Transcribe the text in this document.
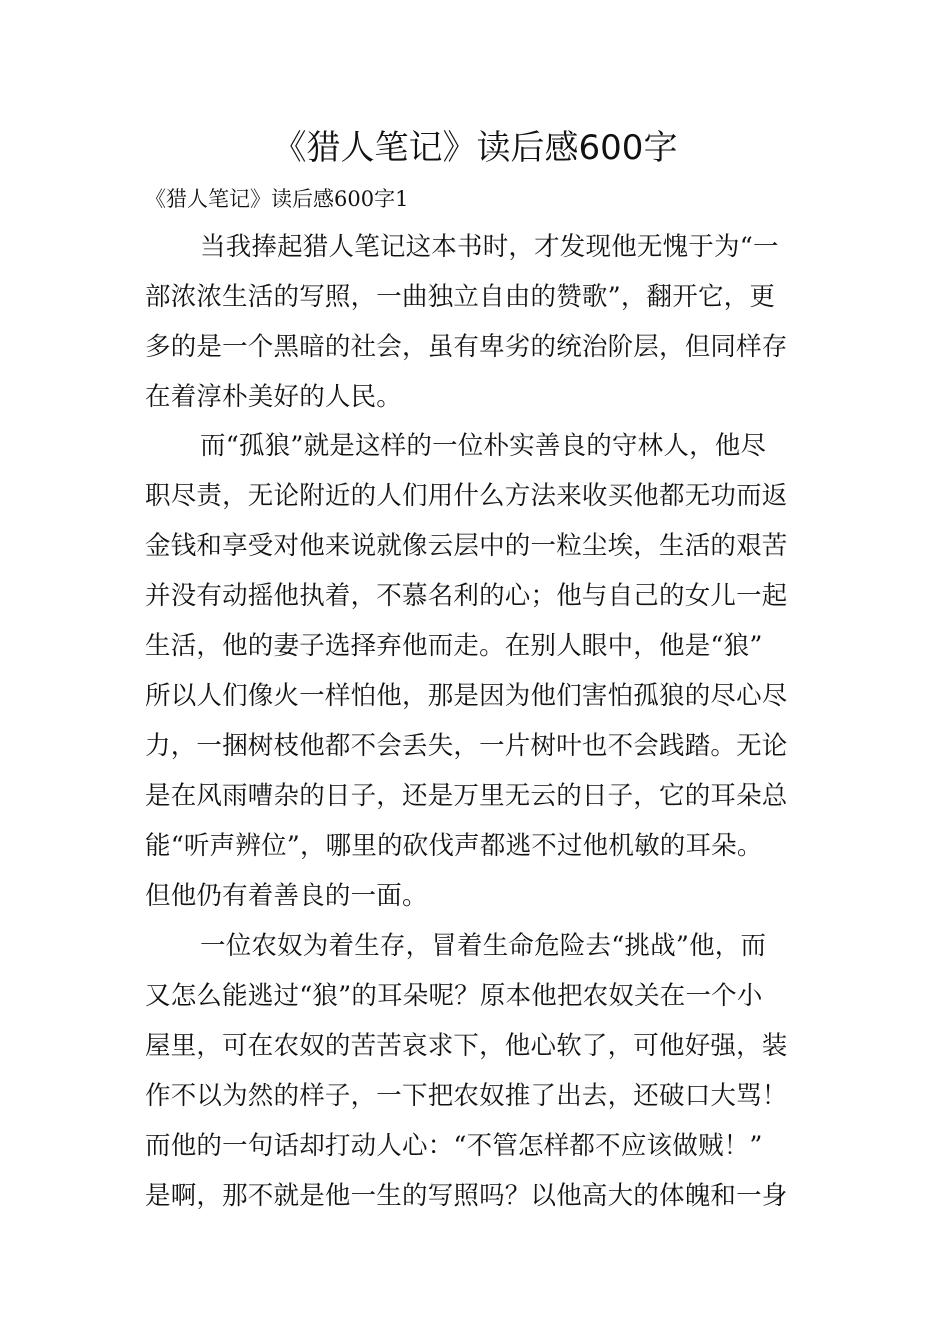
《猎人笔记》读后感600字

《猎人笔记》读后感600字1

当我捧起猎人笔记这本书时，才发现他无愧于为“一

部浓浓生活的写照，一曲独立自由的赞歌”，翻开它，更

多的是一个黑暗的社会，虽有卑劣的统治阶层，但同样存

在着淳朴美好的人民。

而“孤狼”就是这样的一位朴实善良的守林人，他尽

职尽责，无论附近的人们用什么方法来收买他都无功而返

金钱和享受对他来说就像云层中的一粒尘埃，生活的艰苦

并没有动摇他执着，不慕名利的心；他与自己的女儿一起

生活，他的妻子选择弃他而走。在别人眼中，他是“狼”

所以人们像火一样怕他，那是因为他们害怕孤狼的尽心尽

力，一捆树枝他都不会丢失，一片树叶也不会践踏。无论

是在风雨嘈杂的日子，还是万里无云的日子，它的耳朵总

能“听声辨位”，哪里的砍伐声都逃不过他机敏的耳朵。

但他仍有着善良的一面。

一位农奴为着生存，冒着生命危险去“挑战”他，而

又怎么能逃过“狼”的耳朵呢？原本他把农奴关在一个小

屋里，可在农奴的苦苦哀求下，他心软了，可他好强，装

作不以为然的样子，一下把农奴推了出去，还破口大骂！

而他的一句话却打动人心：“不管怎样都不应该做贼！”

是啊，那不就是他一生的写照吗？以他高大的体魄和一身
